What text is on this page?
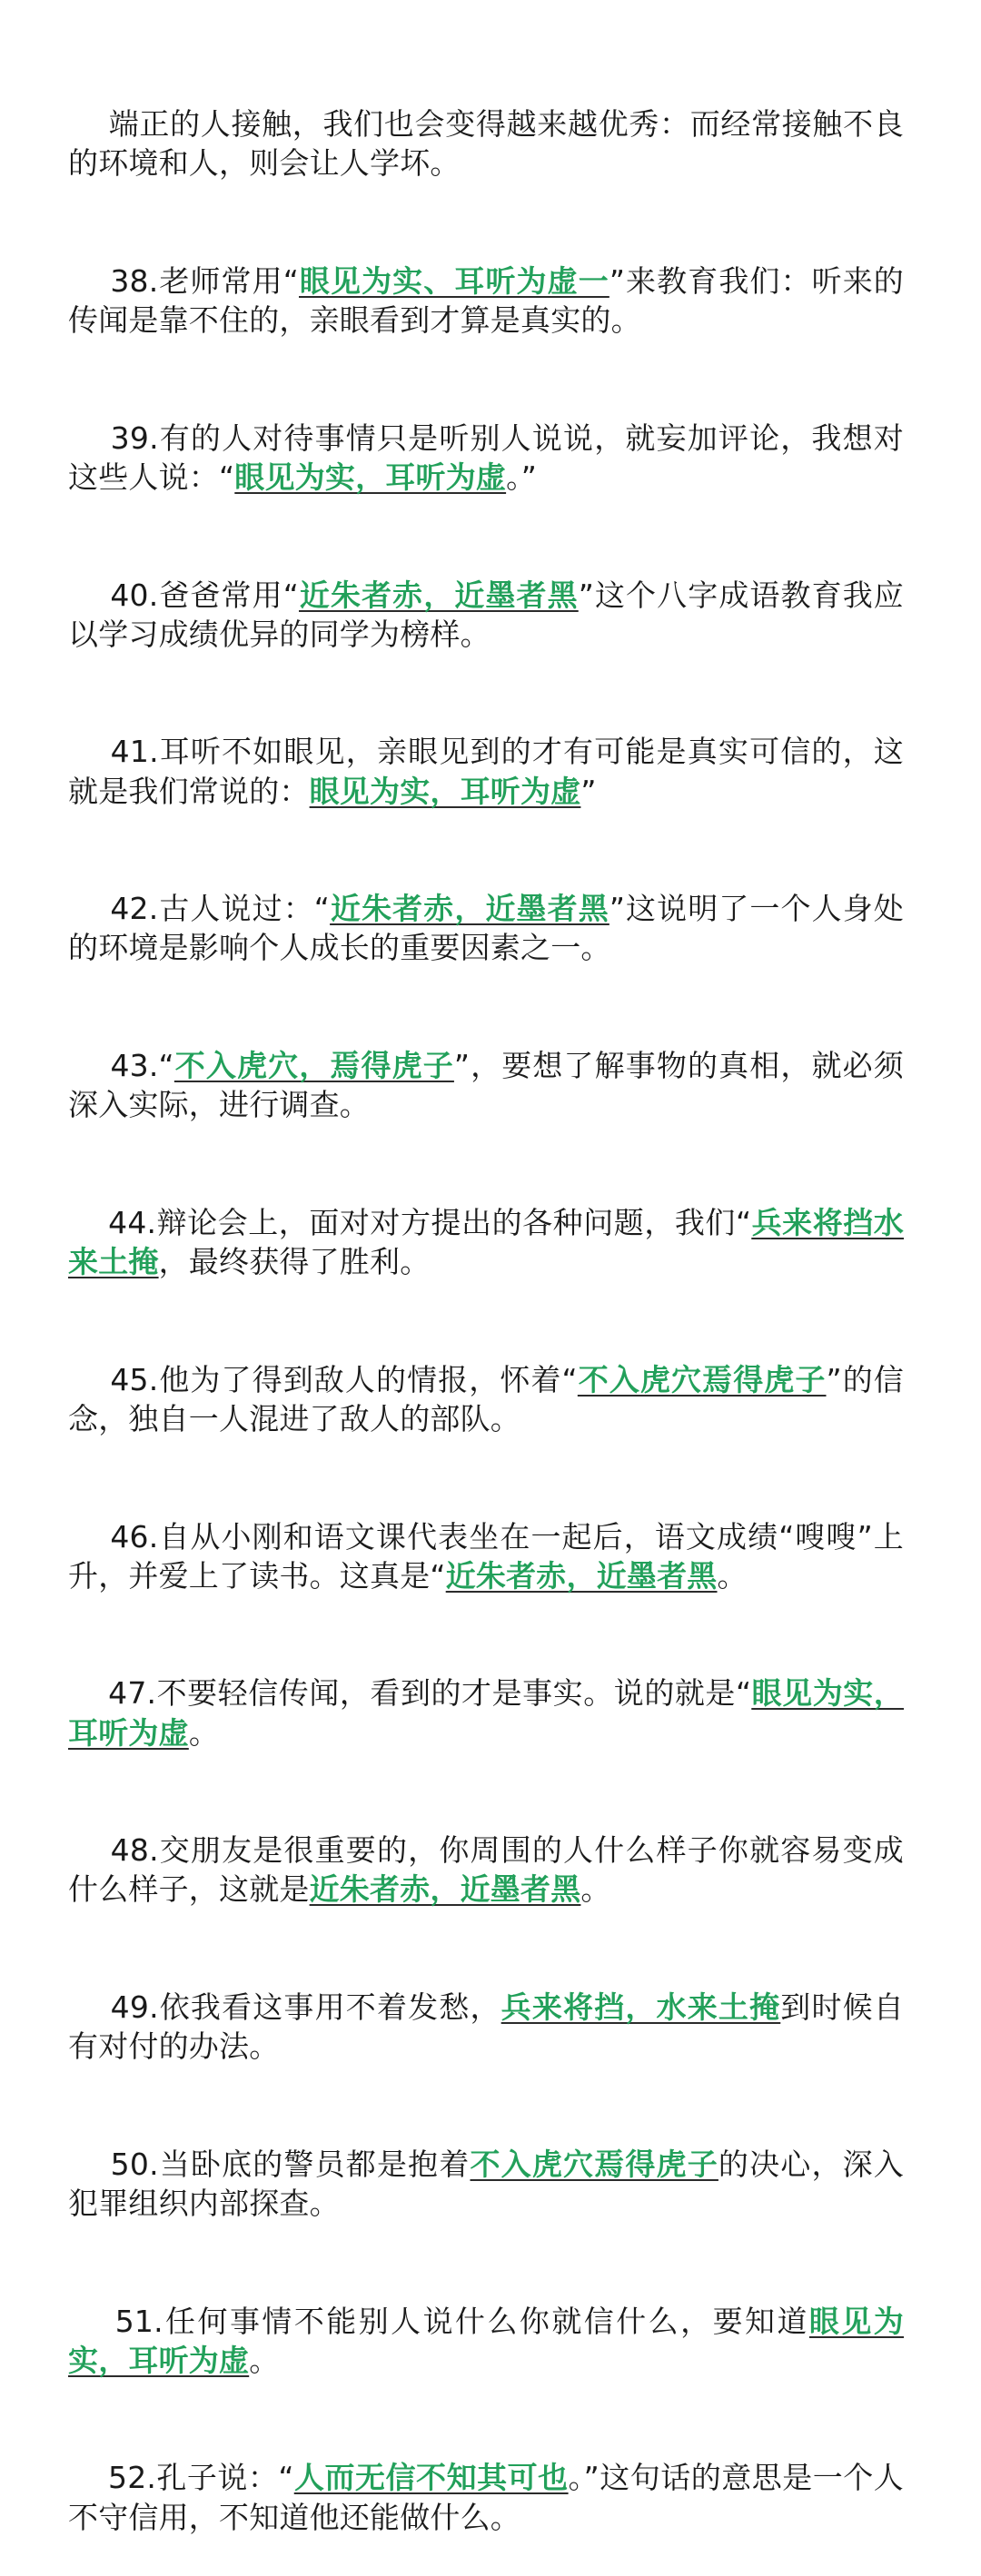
端正的人接触，我们也会变得越来越优秀：而经常接触不良的环境和人，则会让人学坏。

38.老师常用“眼见为实、耳听为虚一”来教育我们：听来的传闻是靠不住的，亲眼看到才算是真实的。

39.有的人对待事情只是听别人说说，就妄加评论，我想对这些人说：“眼见为实，耳听为虚。”

40.爸爸常用“近朱者赤，近墨者黑”这个八字成语教育我应以学习成绩优异的同学为榜样。

41.耳听不如眼见，亲眼见到的才有可能是真实可信的，这就是我们常说的：眼见为实，耳听为虚”

42.古人说过：“近朱者赤，近墨者黑”这说明了一个人身处的环境是影响个人成长的重要因素之一。

43.“不入虎穴，焉得虎子”，要想了解事物的真相，就必须深入实际，进行调查。

44.辩论会上，面对对方提出的各种问题，我们“兵来将挡水来土掩，最终获得了胜利。

45.他为了得到敌人的情报，怀着“不入虎穴焉得虎子”的信念，独自一人混进了敌人的部队。

46.自从小刚和语文课代表坐在一起后，语文成绩“嗖嗖”上升，并爱上了读书。这真是“近朱者赤，近墨者黑。

47.不要轻信传闻，看到的才是事实。说的就是“眼见为实，耳听为虚。

48.交朋友是很重要的，你周围的人什么样子你就容易变成什么样子，这就是近朱者赤，近墨者黑。

49.依我看这事用不着发愁，兵来将挡，水来土掩到时候自有对付的办法。

50.当卧底的警员都是抱着不入虎穴焉得虎子的决心，深入犯罪组织内部探查。

51.任何事情不能别人说什么你就信什么，要知道眼见为实，耳听为虚。

52.孔子说：“人而无信不知其可也。”这句话的意思是一个人不守信用，不知道他还能做什么。
